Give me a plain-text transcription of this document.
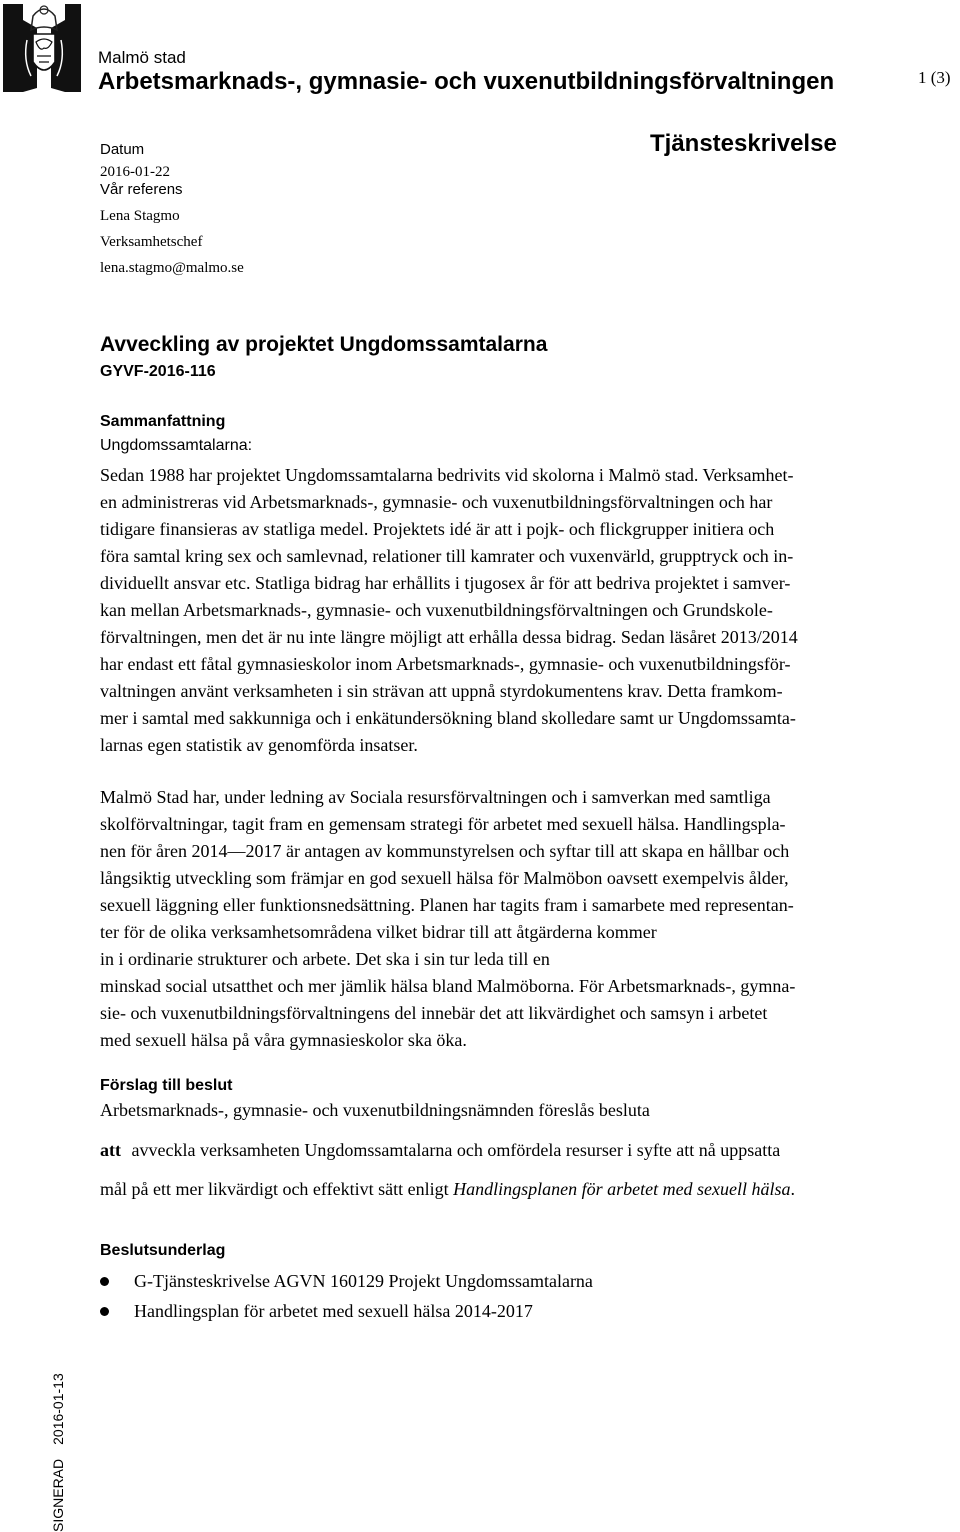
Malmö stad
Arbetsmarknads-, gymnasie- och vuxenutbildningsförvaltningen	1 (3)
Datum
2016-01-22
Vår referens
Lena Stagmo
Verksamhetschef
lena.stagmo@malmo.se
Tjänsteskrivelse
Avveckling av projektet Ungdomssamtalarna
GYVF-2016-116
Sammanfattning
Ungdomssamtalarna:
Sedan 1988 har projektet Ungdomssamtalarna bedrivits vid skolorna i Malmö stad. Verksamhet-
en administreras vid Arbetsmarknads-, gymnasie- och vuxenutbildningsförvaltningen och har
tidigare finansieras av statliga medel. Projektets idé är att i pojk- och flickgrupper initiera och
föra samtal kring sex och samlevnad, relationer till kamrater och vuxenvärld, grupptryck och in-
dividuellt ansvar etc. Statliga bidrag har erhållits i tjugosex år för att bedriva projektet i samver-
kan mellan Arbetsmarknads-, gymnasie- och vuxenutbildningsförvaltningen och Grundskole-
förvaltningen, men det är nu inte längre möjligt att erhålla dessa bidrag. Sedan läsåret 2013/2014
har endast ett fåtal gymnasieskolor inom Arbetsmarknads-, gymnasie- och vuxenutbildningsför-
valtningen använt verksamheten i sin strävan att uppnå styrdokumentens krav. Detta framkom-
mer i samtal med sakkunniga och i enkätundersökning bland skolledare samt ur Ungdomssamta-
larnas egen statistik av genomförda insatser.
Malmö Stad har, under ledning av Sociala resursförvaltningen och i samverkan med samtliga
skolförvaltningar, tagit fram en gemensam strategi för arbetet med sexuell hälsa. Handlingspla-
nen för åren 2014—2017 är antagen av kommunstyrelsen och syftar till att skapa en hållbar och
långsiktig utveckling som främjar en god sexuell hälsa för Malmöbon oavsett exempelvis ålder,
sexuell läggning eller funktionsnedsättning. Planen har tagits fram i samarbete med representan-
ter för de olika verksamhetsområdena vilket bidrar till att åtgärderna kommer
in i ordinarie strukturer och arbete. Det ska i sin tur leda till en
minskad social utsatthet och mer jämlik hälsa bland Malmöborna. För Arbetsmarknads-, gymna-
sie- och vuxenutbildningsförvaltningens del innebär det att likvärdighet och samsyn i arbetet
med sexuell hälsa på våra gymnasieskolor ska öka.
Förslag till beslut
Arbetsmarknads-, gymnasie- och vuxenutbildningsnämnden föreslås besluta
att avveckla verksamheten Ungdomssamtalarna och omfördela resurser i syfte att nå uppsatta
mål på ett mer likvärdigt och effektivt sätt enligt Handlingsplanen för arbetet med sexuell hälsa.
Beslutsunderlag
G-Tjänsteskrivelse AGVN 160129 Projekt Ungdomssamtalarna
Handlingsplan för arbetet med sexuell hälsa 2014-2017
SIGNERAD2016-01-13
